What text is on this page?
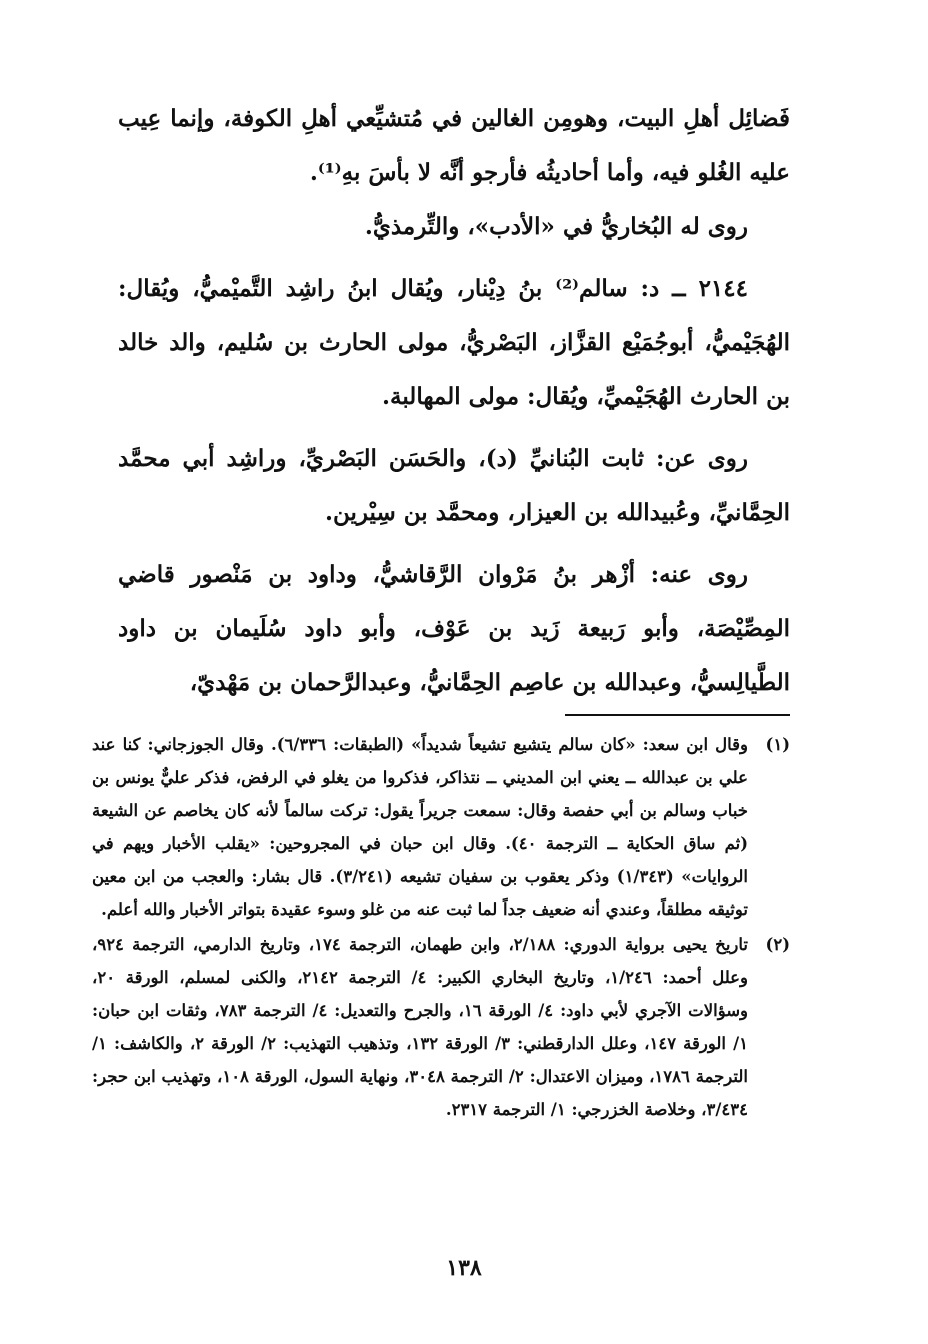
فَضائِل أهلِ البيت، وهومِن الغالين في مُتشيِّعي أهلِ الكوفة، وإنما عِيب عليه الغُلو فيه، وأما أحاديثُه فأرجو أنَّه لا بأسَ بهِ⁽¹⁾.

روى له البُخاريُّ في «الأدب»، والتِّرمذيُّ.

٢١٤٤ ــ د: سالم⁽²⁾ بنُ دِيْنار، ويُقال ابنُ راشِد التَّميْميُّ، ويُقال: الهُجَيْميُّ، أبوجُمَيْع القزَّاز، البَصْريُّ، مولى الحارث بن سُليم، والد خالد بن الحارث الهُجَيْميِّ، ويُقال: مولى المهالبة.

روى عن: ثابت البُنانيِّ (د)، والحَسَن البَصْريِّ، وراشِد أبي محمَّد الحِمَّانيِّ، وعُبيدالله بن العيزار، ومحمَّد بن سِيْرين.

روى عنه: أزْهر بنُ مَرْوان الرَّقاشيُّ، وداود بن مَنْصور قاضي المِصِّيْصَة، وأبو رَبيعة زَيد بن عَوْف، وأبو داود سُلَيمان بن داود الطَّيالِسيُّ، وعبدالله بن عاصِم الحِمَّانيُّ، وعبدالرَّحمان بن مَهْديّ،

(١)

وقال ابن سعد: «كان سالم يتشيع تشيعاً شديداً» (الطبقات: ٦/٣٣٦). وقال الجوزجاني: كنا عند علي بن عبدالله ــ يعني ابن المديني ــ نتذاكر، فذكروا من يغلو في الرفض، فذكر عليٌّ يونس بن خباب وسالم بن أبي حفصة وقال: سمعت جريراً يقول: تركت سالماً لأنه كان يخاصم عن الشيعة (ثم ساق الحكاية ــ الترجمة ٤٠). وقال ابن حبان في المجروحين: «يقلب الأخبار ويهم في الروايات» (١/٣٤٣) وذكر يعقوب بن سفيان تشيعه (٣/٢٤١). قال بشار: والعجب من ابن معين توثيقه مطلقاً، وعندي أنه ضعيف جداً لما ثبت عنه من غلو وسوء عقيدة بتواتر الأخبار والله أعلم.

(٢)

تاريخ يحيى برواية الدوري: ٢/١٨٨، وابن طهمان، الترجمة ١٧٤، وتاريخ الدارمي، الترجمة ٩٢٤، وعلل أحمد: ١/٢٤٦، وتاريخ البخاري الكبير: ٤/ الترجمة ٢١٤٢، والكنى لمسلم، الورقة ٢٠، وسؤالات الآجري لأبي داود: ٤/ الورقة ١٦، والجرح والتعديل: ٤/ الترجمة ٧٨٣، وثقات ابن حبان: ١/ الورقة ١٤٧، وعلل الدارقطني: ٣/ الورقة ١٣٢، وتذهيب التهذيب: ٢/ الورقة ٢، والكاشف: ١/ الترجمة ١٧٨٦، وميزان الاعتدال: ٢/ الترجمة ٣٠٤٨، ونهاية السول، الورقة ١٠٨، وتهذيب ابن حجر: ٣/٤٣٤، وخلاصة الخزرجي: ١/ الترجمة ٢٣١٧.

١٣٨
